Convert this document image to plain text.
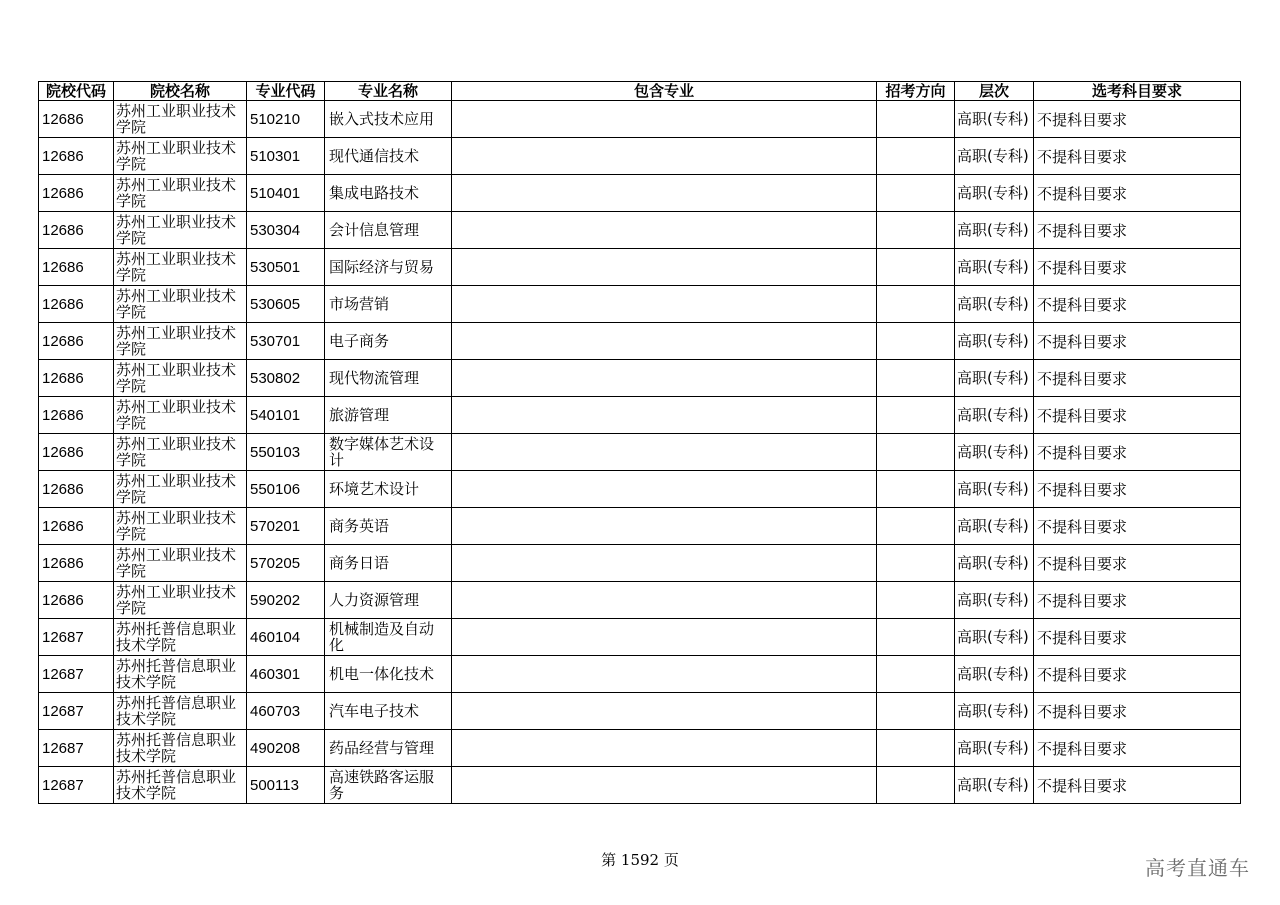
院校代码	院校名称	专业代码	专业名称	包含专业	招考方向	层次	选考科目要求
12686	苏州工业职业技术学院	510210	嵌入式技术应用			高职(专科)	不提科目要求
12686	苏州工业职业技术学院	510301	现代通信技术			高职(专科)	不提科目要求
12686	苏州工业职业技术学院	510401	集成电路技术			高职(专科)	不提科目要求
12686	苏州工业职业技术学院	530304	会计信息管理			高职(专科)	不提科目要求
12686	苏州工业职业技术学院	530501	国际经济与贸易			高职(专科)	不提科目要求
12686	苏州工业职业技术学院	530605	市场营销			高职(专科)	不提科目要求
12686	苏州工业职业技术学院	530701	电子商务			高职(专科)	不提科目要求
12686	苏州工业职业技术学院	530802	现代物流管理			高职(专科)	不提科目要求
12686	苏州工业职业技术学院	540101	旅游管理			高职(专科)	不提科目要求
12686	苏州工业职业技术学院	550103	数字媒体艺术设计			高职(专科)	不提科目要求
12686	苏州工业职业技术学院	550106	环境艺术设计			高职(专科)	不提科目要求
12686	苏州工业职业技术学院	570201	商务英语			高职(专科)	不提科目要求
12686	苏州工业职业技术学院	570205	商务日语			高职(专科)	不提科目要求
12686	苏州工业职业技术学院	590202	人力资源管理			高职(专科)	不提科目要求
12687	苏州托普信息职业技术学院	460104	机械制造及自动化			高职(专科)	不提科目要求
12687	苏州托普信息职业技术学院	460301	机电一体化技术			高职(专科)	不提科目要求
12687	苏州托普信息职业技术学院	460703	汽车电子技术			高职(专科)	不提科目要求
12687	苏州托普信息职业技术学院	490208	药品经营与管理			高职(专科)	不提科目要求
12687	苏州托普信息职业技术学院	500113	高速铁路客运服务			高职(专科)	不提科目要求
第 1592 页	高考直通车
